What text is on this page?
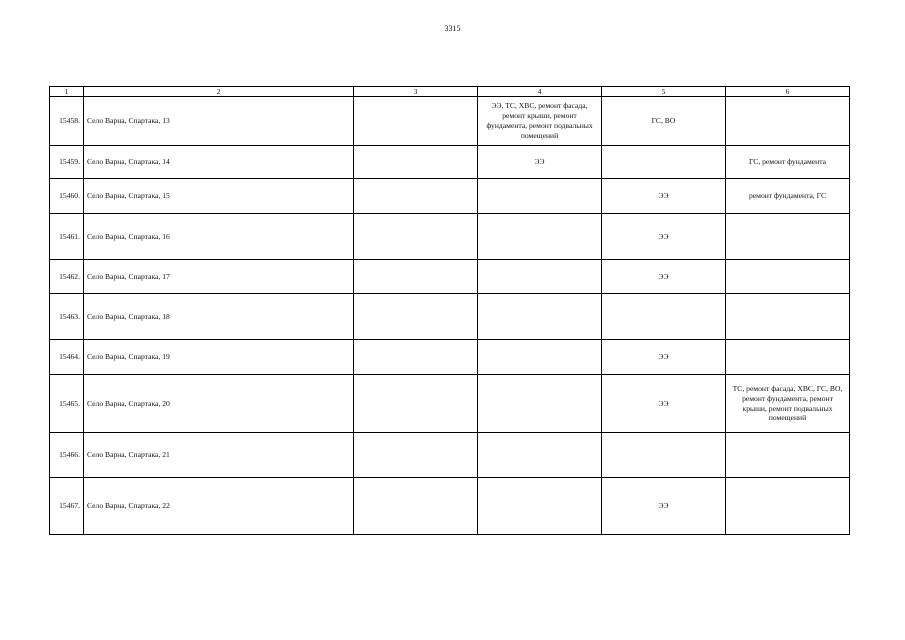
3315
1	2	3	4	5	6
15458.	Село Варна, Спартака, 13		ЭЭ, ТС, ХВС, ремонт фасада, ремонт крыши, ремонт фундамента, ремонт подвальных помещений	ГС, ВО	
15459.	Село Варна, Спартака, 14		ЭЭ		ГС, ремонт фундамента
15460.	Село Варна, Спартака, 15			ЭЭ	ремонт фундамента, ГС
15461.	Село Варна, Спартака, 16			ЭЭ	
15462.	Село Варна, Спартака, 17			ЭЭ	
15463.	Село Варна, Спартака, 18				
15464.	Село Варна, Спартака, 19			ЭЭ	
15465.	Село Варна, Спартака, 20			ЭЭ	ТС, ремонт фасада, ХВС, ГС, ВО, ремонт фундамента, ремонт крыши, ремонт подвальных помещений
15466.	Село Варна, Спартака, 21				
15467.	Село Варна, Спартака, 22			ЭЭ	
